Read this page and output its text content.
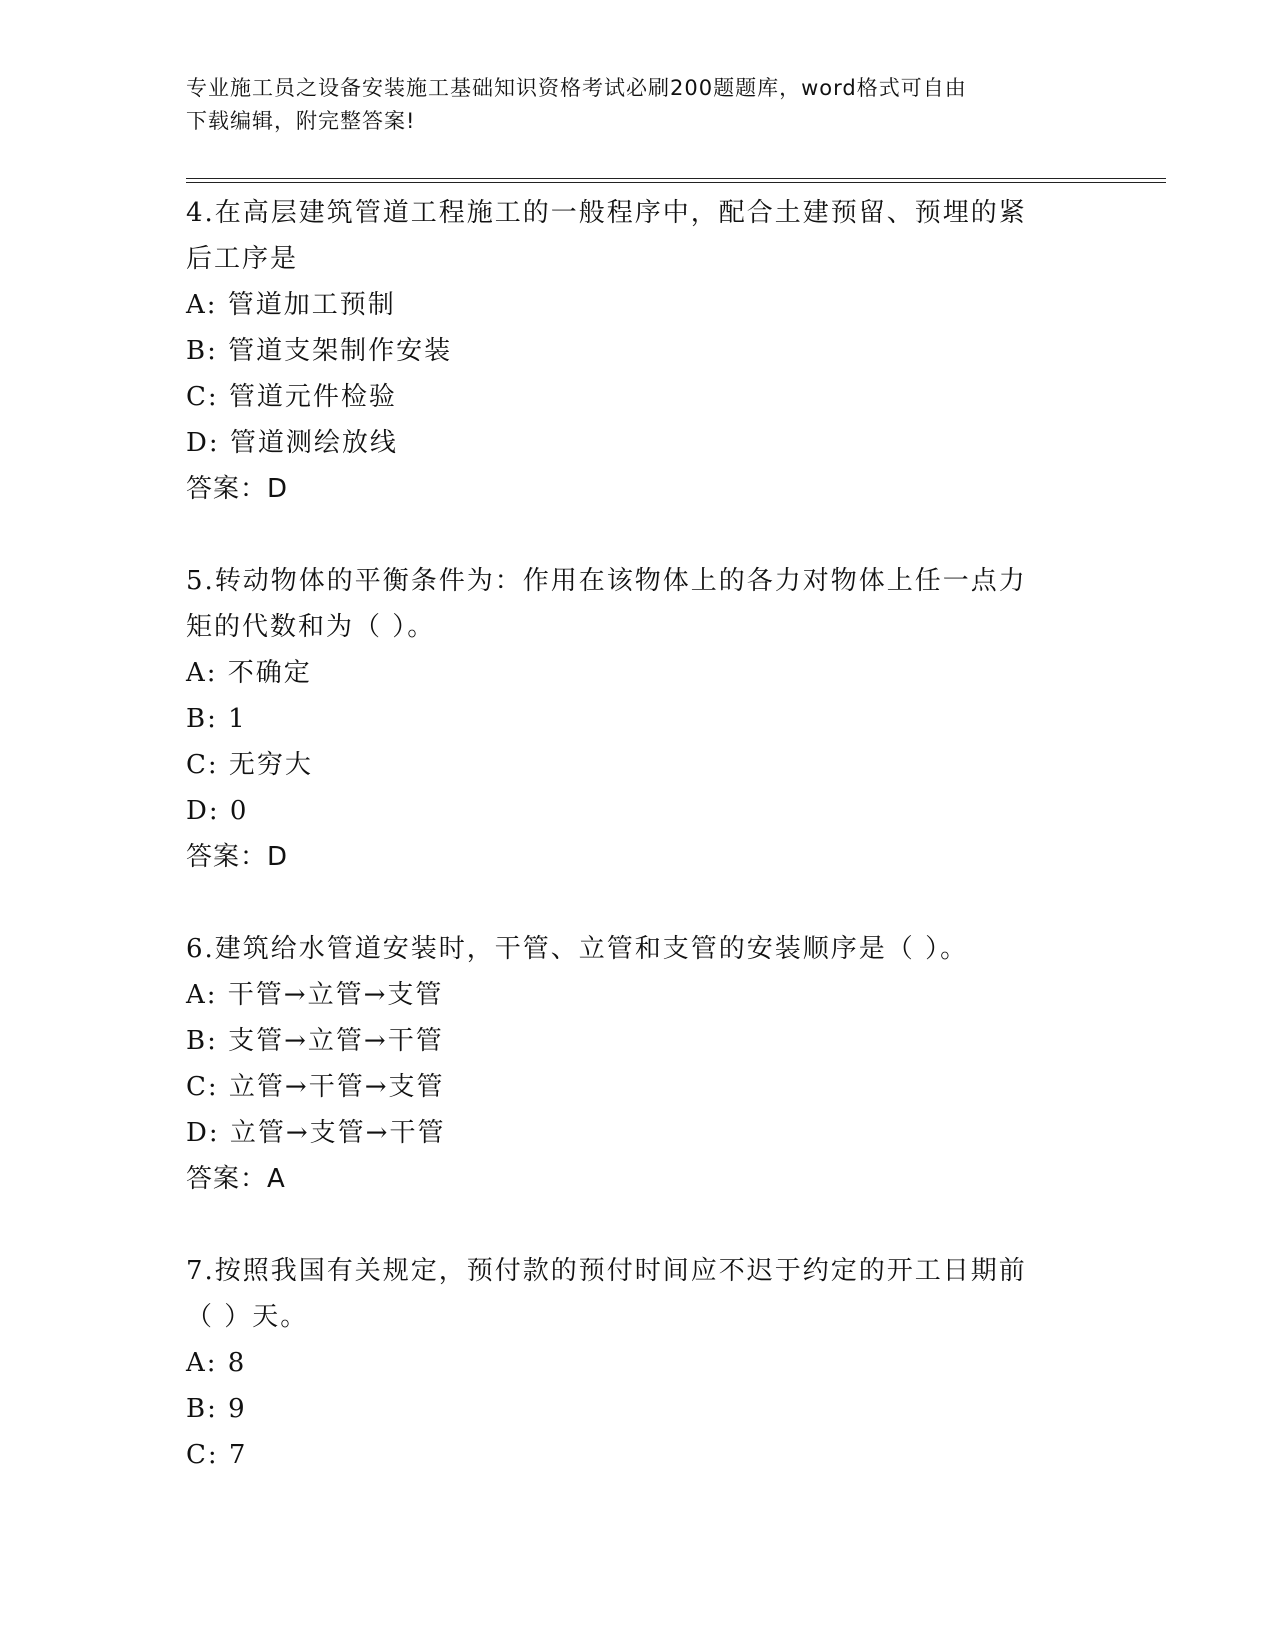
专业施工员之设备安装施工基础知识资格考试必刷200题题库，word格式可自由
下载编辑，附完整答案!
4.在高层建筑管道工程施工的一般程序中，配合土建预留、预埋的紧
后工序是
A: 管道加工预制
B: 管道支架制作安装
C: 管道元件检验
D: 管道测绘放线
答案：D
5.转动物体的平衡条件为：作用在该物体上的各力对物体上任一点力
矩的代数和为（ ）。
A: 不确定
B: 1
C: 无穷大
D: 0
答案：D
6.建筑给水管道安装时，干管、立管和支管的安装顺序是（ ）。
A: 干管→立管→支管
B: 支管→立管→干管
C: 立管→干管→支管
D: 立管→支管→干管
答案：A
7.按照我国有关规定，预付款的预付时间应不迟于约定的开工日期前
（ ）天。
A: 8
B: 9
C: 7
